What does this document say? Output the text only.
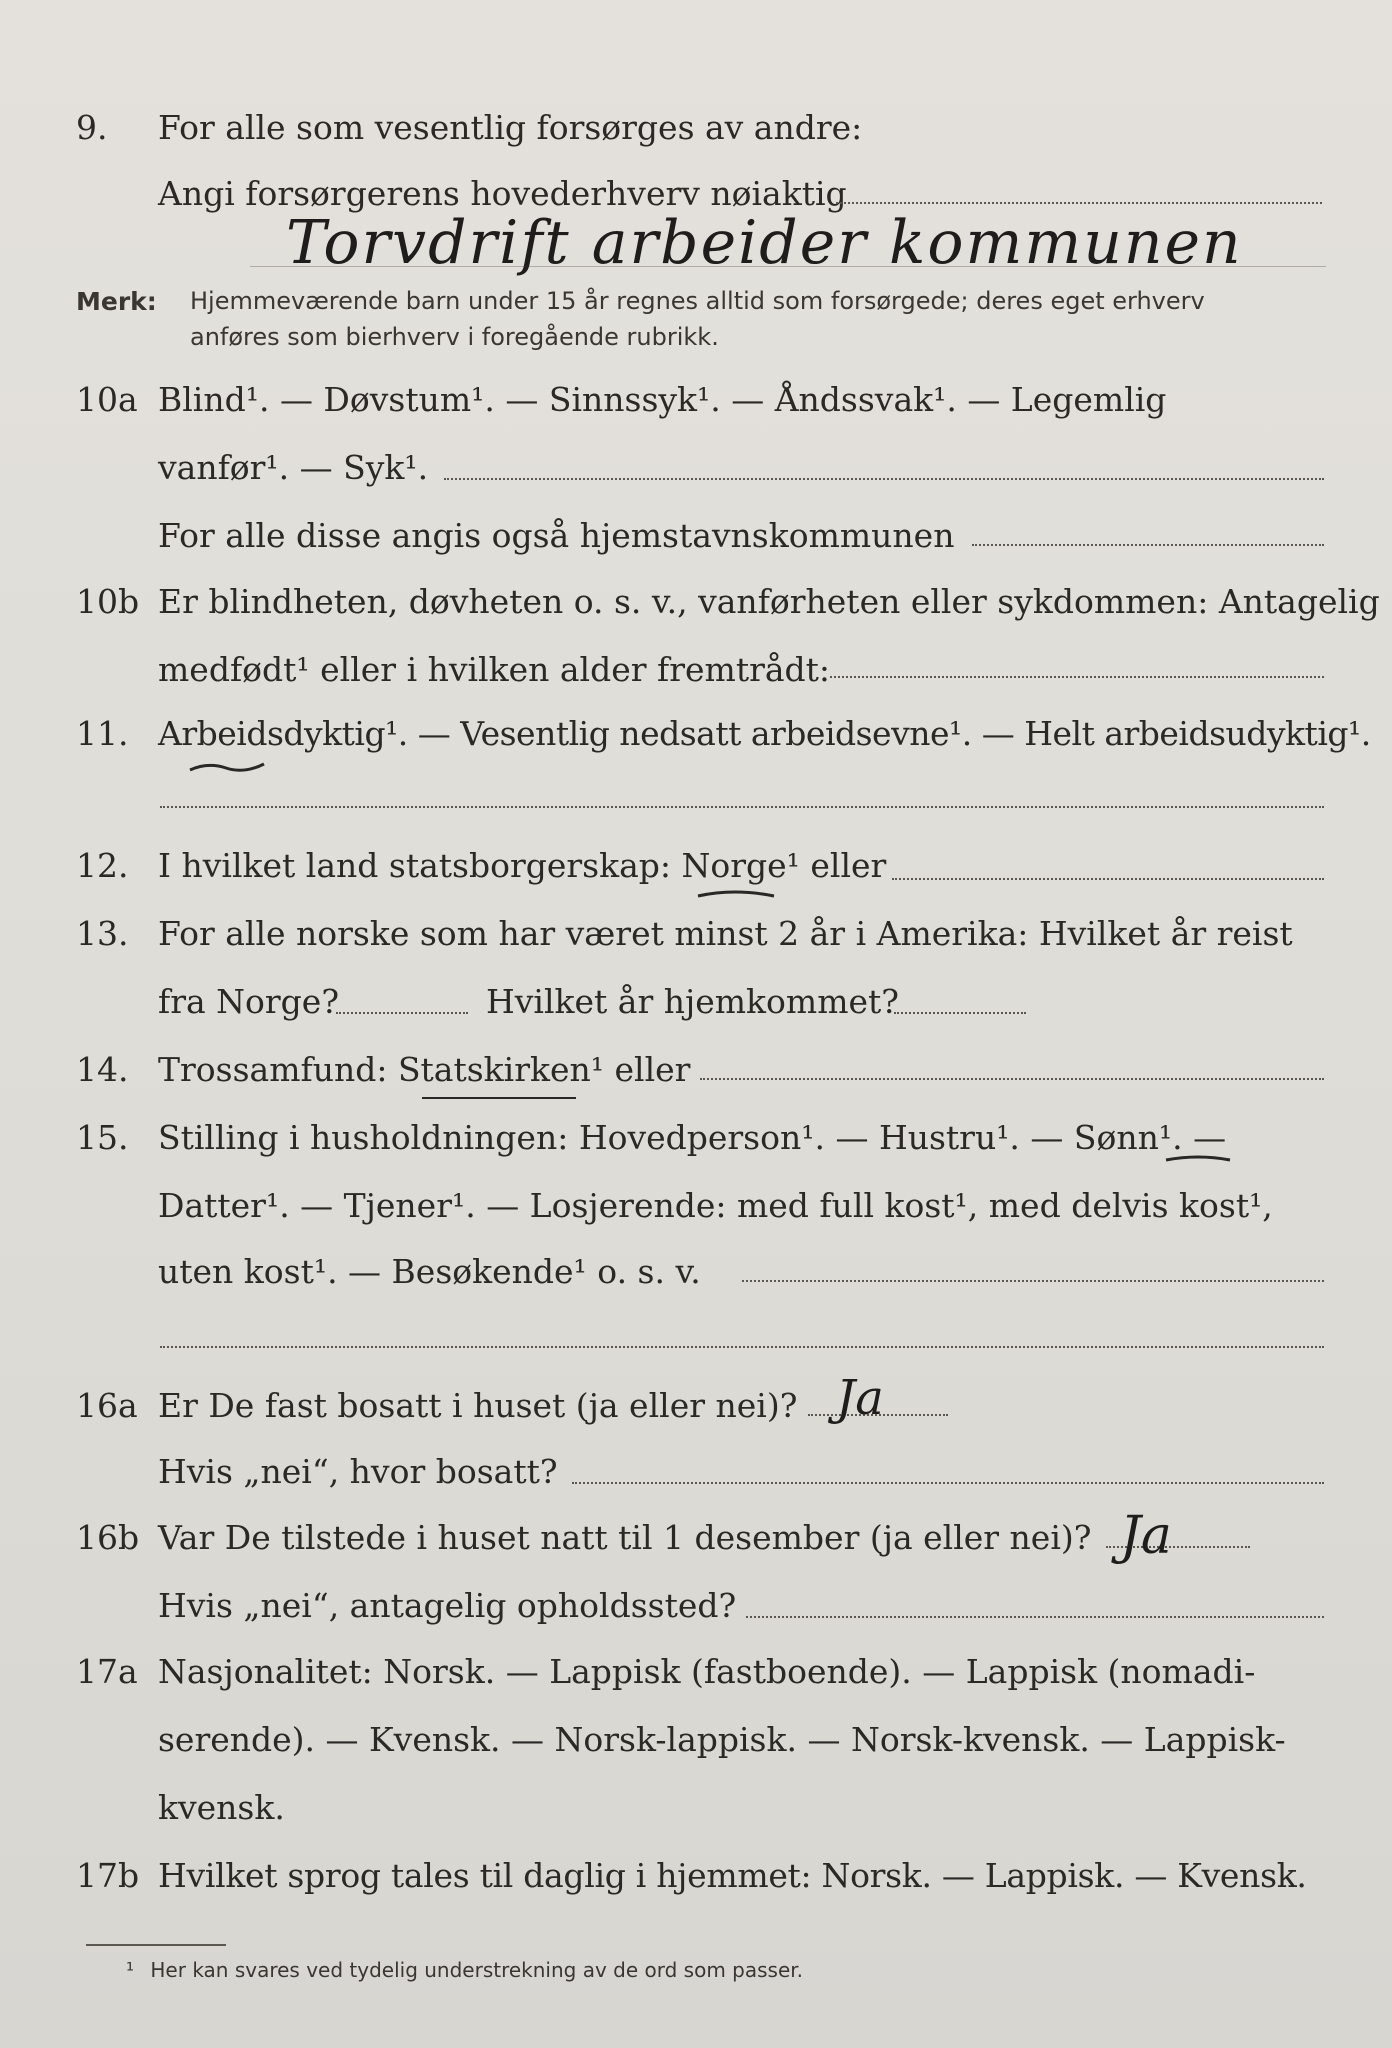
9. For alle som vesentlig forsørges av andre:
Angi forsørgerens hovederhverv nøiaktig
Torvdrift arbeider kommunen
Merk: Hjemmeværende barn under 15 år regnes alltid som forsørgede; deres eget erhverv
anføres som bierhverv i foregående rubrikk.
10a Blind¹. — Døvstum¹. — Sinnssyk¹. — Åndssvak¹. — Legemlig
vanfør¹. — Syk¹.
For alle disse angis også hjemstavnskommunen
10b Er blindheten, døvheten o. s. v., vanførheten eller sykdommen: Antagelig
medfødt¹ eller i hvilken alder fremtrådt:
11. Arbeidsdyktig¹. — Vesentlig nedsatt arbeidsevne¹. — Helt arbeidsudyktig¹.
12. I hvilket land statsborgerskap: Norge¹ eller
13. For alle norske som har været minst 2 år i Amerika: Hvilket år reist
fra Norge?	Hvilket år hjemkommet?
14. Trossamfund: Statskirken¹ eller
15. Stilling i husholdningen: Hovedperson¹. — Hustru¹. — Sønn¹. —
Datter¹. — Tjener¹. — Losjerende: med full kost¹, med delvis kost¹,
uten kost¹. — Besøkende¹ o. s. v.
16a Er De fast bosatt i huset (ja eller nei)? Ja
Hvis „nei“, hvor bosatt?
16b Var De tilstede i huset natt til 1 desember (ja eller nei)? Ja
Hvis „nei“, antagelig opholdssted?
17a Nasjonalitet: Norsk. — Lappisk (fastboende). — Lappisk (nomadi-
serende). — Kvensk. — Norsk-lappisk. — Norsk-kvensk. — Lappisk-
kvensk.
17b Hvilket sprog tales til daglig i hjemmet: Norsk. — Lappisk. — Kvensk.
¹ Her kan svares ved tydelig understrekning av de ord som passer.
